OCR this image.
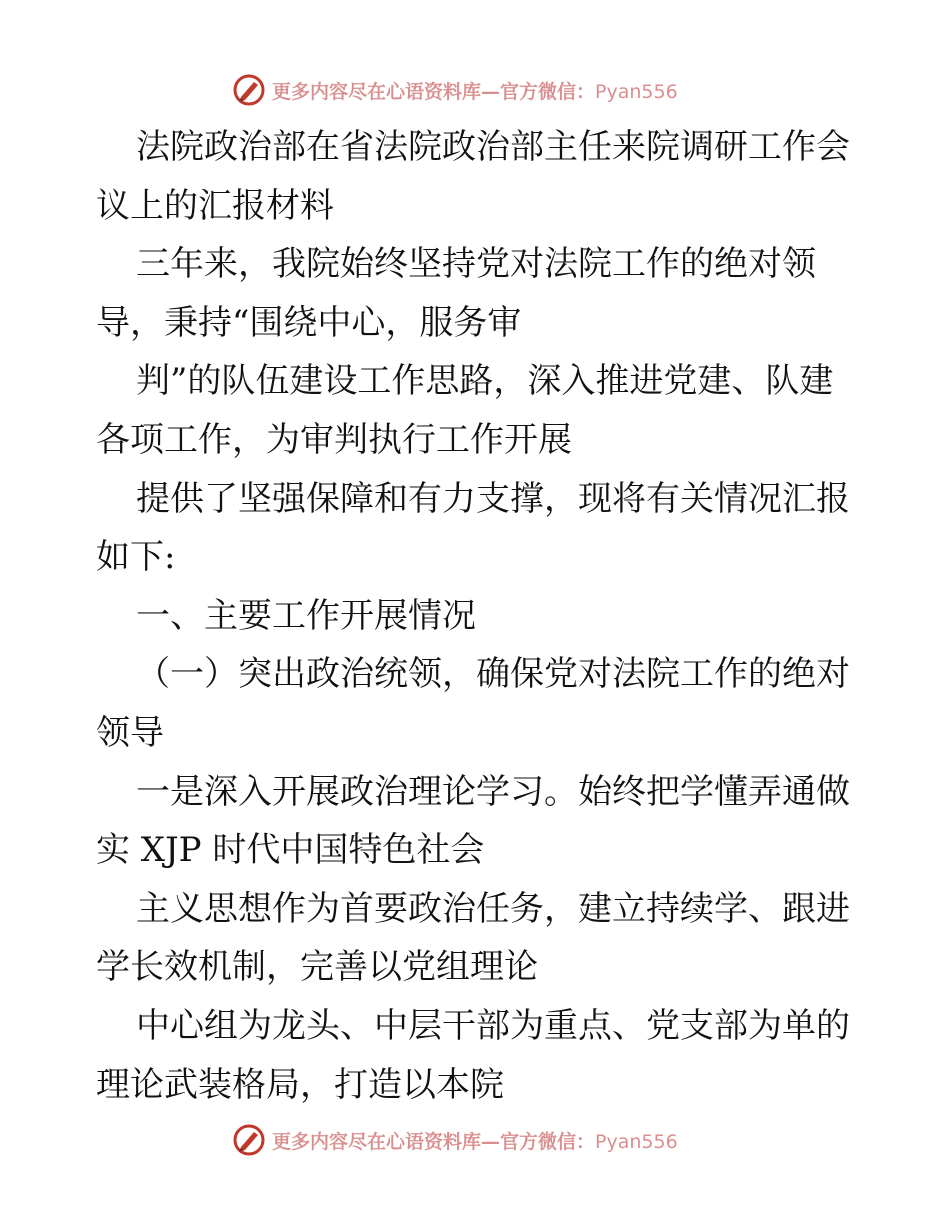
更多内容尽在心语资料库—官方微信：Pyan556
法院政治部在省法院政治部主任来院调研工作会
议上的汇报材料
三年来，我院始终坚持党对法院工作的绝对领
导，秉持“围绕中心，服务审
判”的队伍建设工作思路，深入推进党建、队建
各项工作，为审判执行工作开展
提供了坚强保障和有力支撑，现将有关情况汇报
如下:
一、主要工作开展情况
（一）突出政治统领，确保党对法院工作的绝对
领导
一是深入开展政治理论学习。始终把学懂弄通做
实 XJP 时代中国特色社会
主义思想作为首要政治任务，建立持续学、跟进
学长效机制，完善以党组理论
中心组为龙头、中层干部为重点、党支部为单的
理论武装格局，打造以本院
更多内容尽在心语资料库—官方微信：Pyan556
